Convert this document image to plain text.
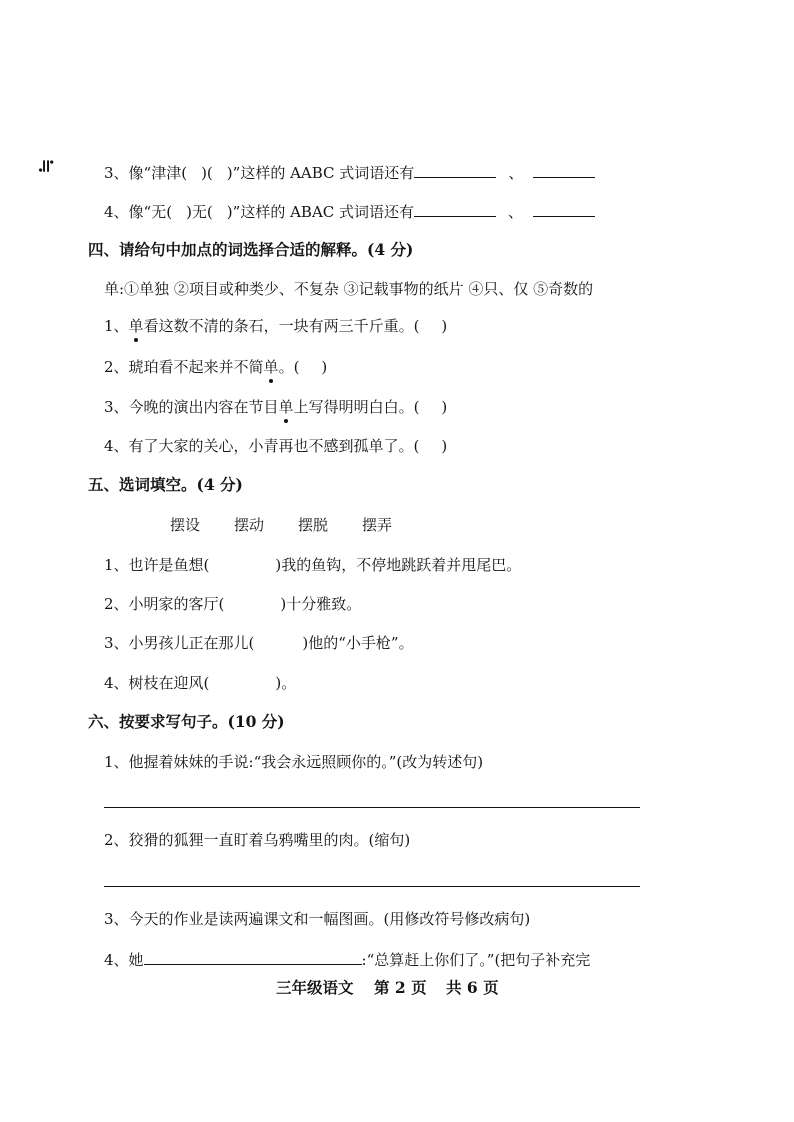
≒	3、像“津津( )( )”这样的 AABC 式词语还有	、
4、像“无( )无( )”这样的 ABAC 式词语还有	、
四、请给句中加点的词选择合适的解释。(4 分)
单:①单独 ②项目或种类少、不复杂 ③记载事物的纸片 ④只、仅 ⑤奇数的
1、单看这数不清的条石，一块有两三千斤重。( )
2、琥珀看不起来并不简单。( )
3、今晚的演出内容在节目单上写得明明白白。( )
4、有了大家的关心，小青再也不感到孤单了。( )
五、选词填空。(4 分)
摆设 摆动 摆脱 摆弄
1、也许是鱼想(	)我的鱼钩，不停地跳跃着并甩尾巴。
2、小明家的客厅(	)十分雅致。
3、小男孩儿正在那儿(	)他的“小手枪”。
4、树枝在迎风(	)。
六、按要求写句子。(10 分)
1、他握着妹妹的手说:“我会永远照顾你的。”(改为转述句)
2、狡猾的狐狸一直盯着乌鸦嘴里的肉。(缩句)
3、今天的作业是读两遍课文和一幅图画。(用修改符号修改病句)
4、她	:“总算赶上你们了。”(把句子补充完
三年级语文 第 2 页 共 6 页
